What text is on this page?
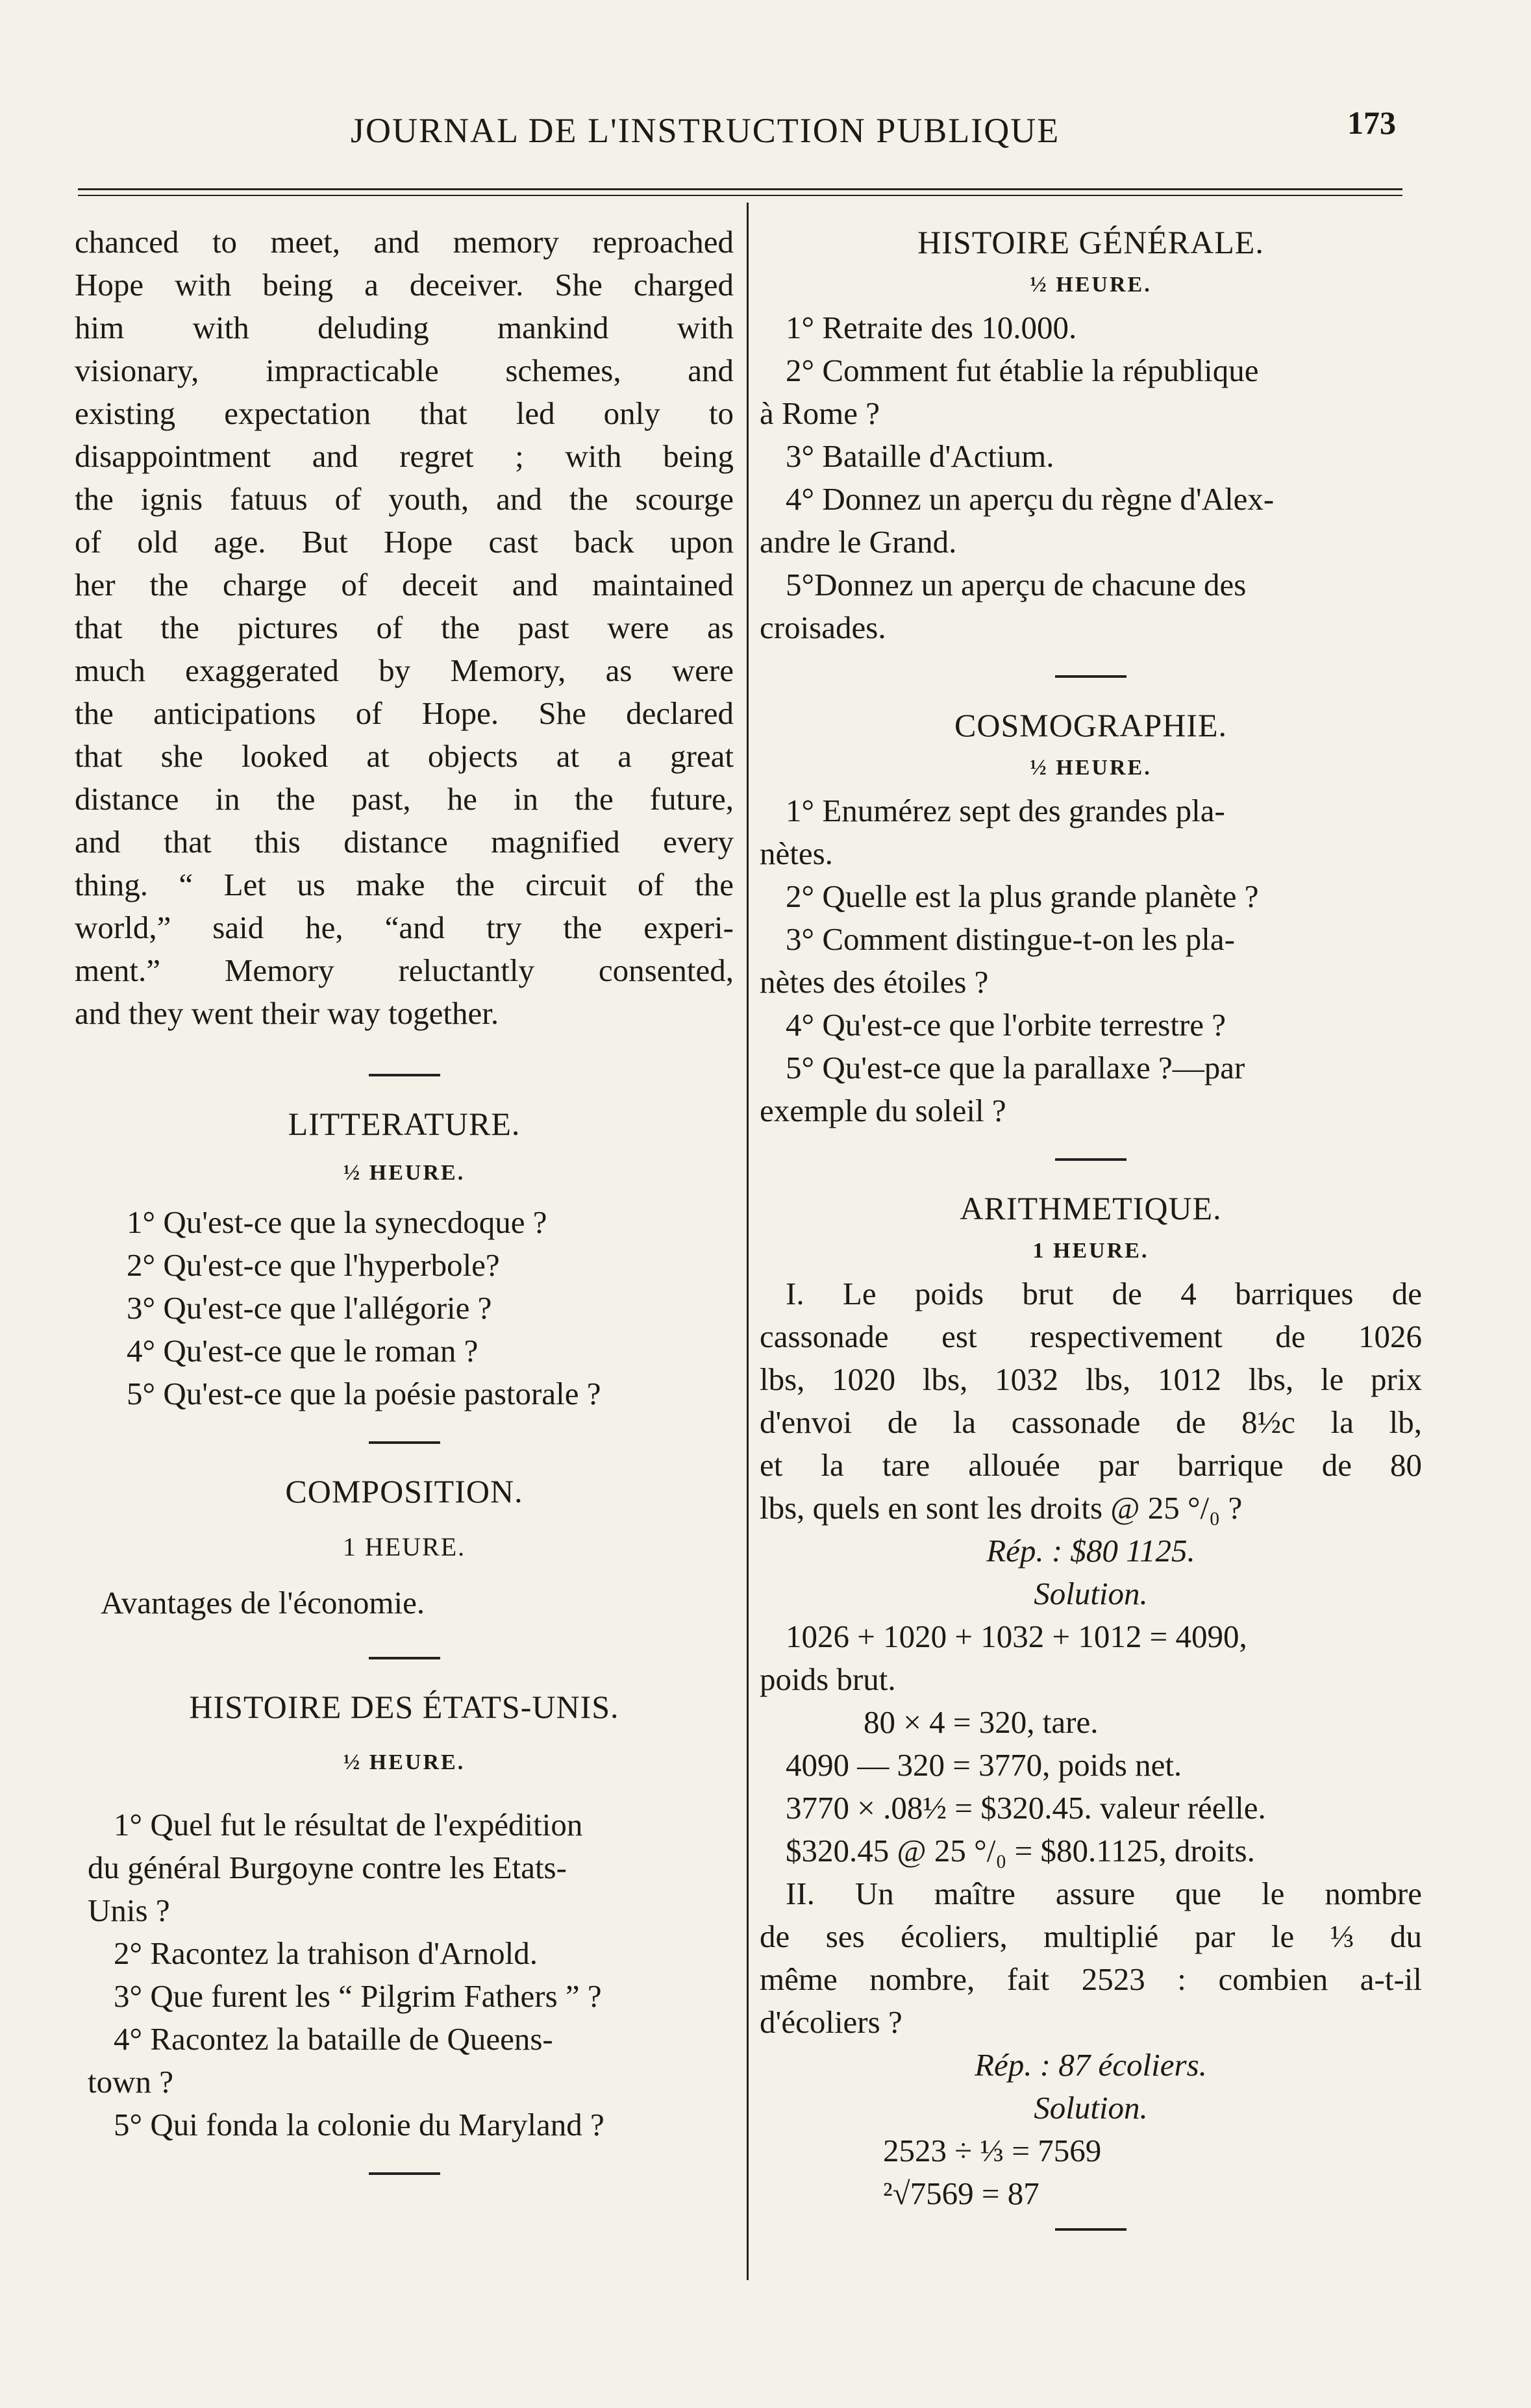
JOURNAL DE L'INSTRUCTION PUBLIQUE	173
chanced to meet, and memory reproached
Hope with being a deceiver. She charged
him with deluding mankind with
visionary, impracticable schemes, and
existing expectation that led only to
disappointment and regret ; with being
the ignis fatuus of youth, and the scourge
of old age. But Hope cast back upon
her the charge of deceit and maintained
that the pictures of the past were as
much exaggerated by Memory, as were
the anticipations of Hope. She declared
that she looked at objects at a great
distance in the past, he in the future,
and that this distance magnified every
thing. “ Let us make the circuit of the
world,” said he, “and try the experi-
ment.” Memory reluctantly consented,
and they went their way together.

LITTERATURE.

½ HEURE.

1° Qu'est-ce que la synecdoque ?

2° Qu'est-ce que l'hyperbole?

3° Qu'est-ce que l'allégorie ?

4° Qu'est-ce que le roman ?

5° Qu'est-ce que la poésie pastorale ?

COMPOSITION.

1 HEURE.

Avantages de l'économie.

HISTOIRE DES ÉTATS-UNIS.

½ HEURE.

1° Quel fut le résultat de l'expédition

du général Burgoyne contre les Etats-

Unis ?

2° Racontez la trahison d'Arnold.

3° Que furent les “ Pilgrim Fathers ” ?

4° Racontez la bataille de Queens-

town ?

5° Qui fonda la colonie du Maryland ?

HISTOIRE GÉNÉRALE.

½ HEURE.

1° Retraite des 10.000.

2° Comment fut établie la république

à Rome ?

3° Bataille d'Actium.

4° Donnez un aperçu du règne d'Alex-

andre le Grand.

5°Donnez un aperçu de chacune des

croisades.

COSMOGRAPHIE.

½ HEURE.

1° Enumérez sept des grandes pla-

nètes.

2° Quelle est la plus grande planète ?

3° Comment distingue-t-on les pla-

nètes des étoiles ?

4° Qu'est-ce que l'orbite terrestre ?

5° Qu'est-ce que la parallaxe ?—par

exemple du soleil ?

ARITHMETIQUE.

1 HEURE.

I. Le poids brut de 4 barriques de
cassonade est respectivement de 1026
lbs, 1020 lbs, 1032 lbs, 1012 lbs, le prix
d'envoi de la cassonade de 8½c la lb,
et la tare allouée par barrique de 80
lbs, quels en sont les droits @ 25 °/₀ ?

Rép. : $80 1125.

Solution.

1026 + 1020 + 1032 + 1012 = 4090,

poids brut.

80 × 4 = 320, tare.

4090 — 320 = 3770, poids net.

3770 × .08½ = $320.45. valeur réelle.

$320.45 @ 25 °/₀ = $80.1125, droits.

II. Un maître assure que le nombre
de ses écoliers, multiplié par le ⅓ du
même nombre, fait 2523 : combien a-t-il
d'écoliers ?

Rép. : 87 écoliers.

Solution.

2523 ÷ ⅓ = 7569

²√7569 = 87
